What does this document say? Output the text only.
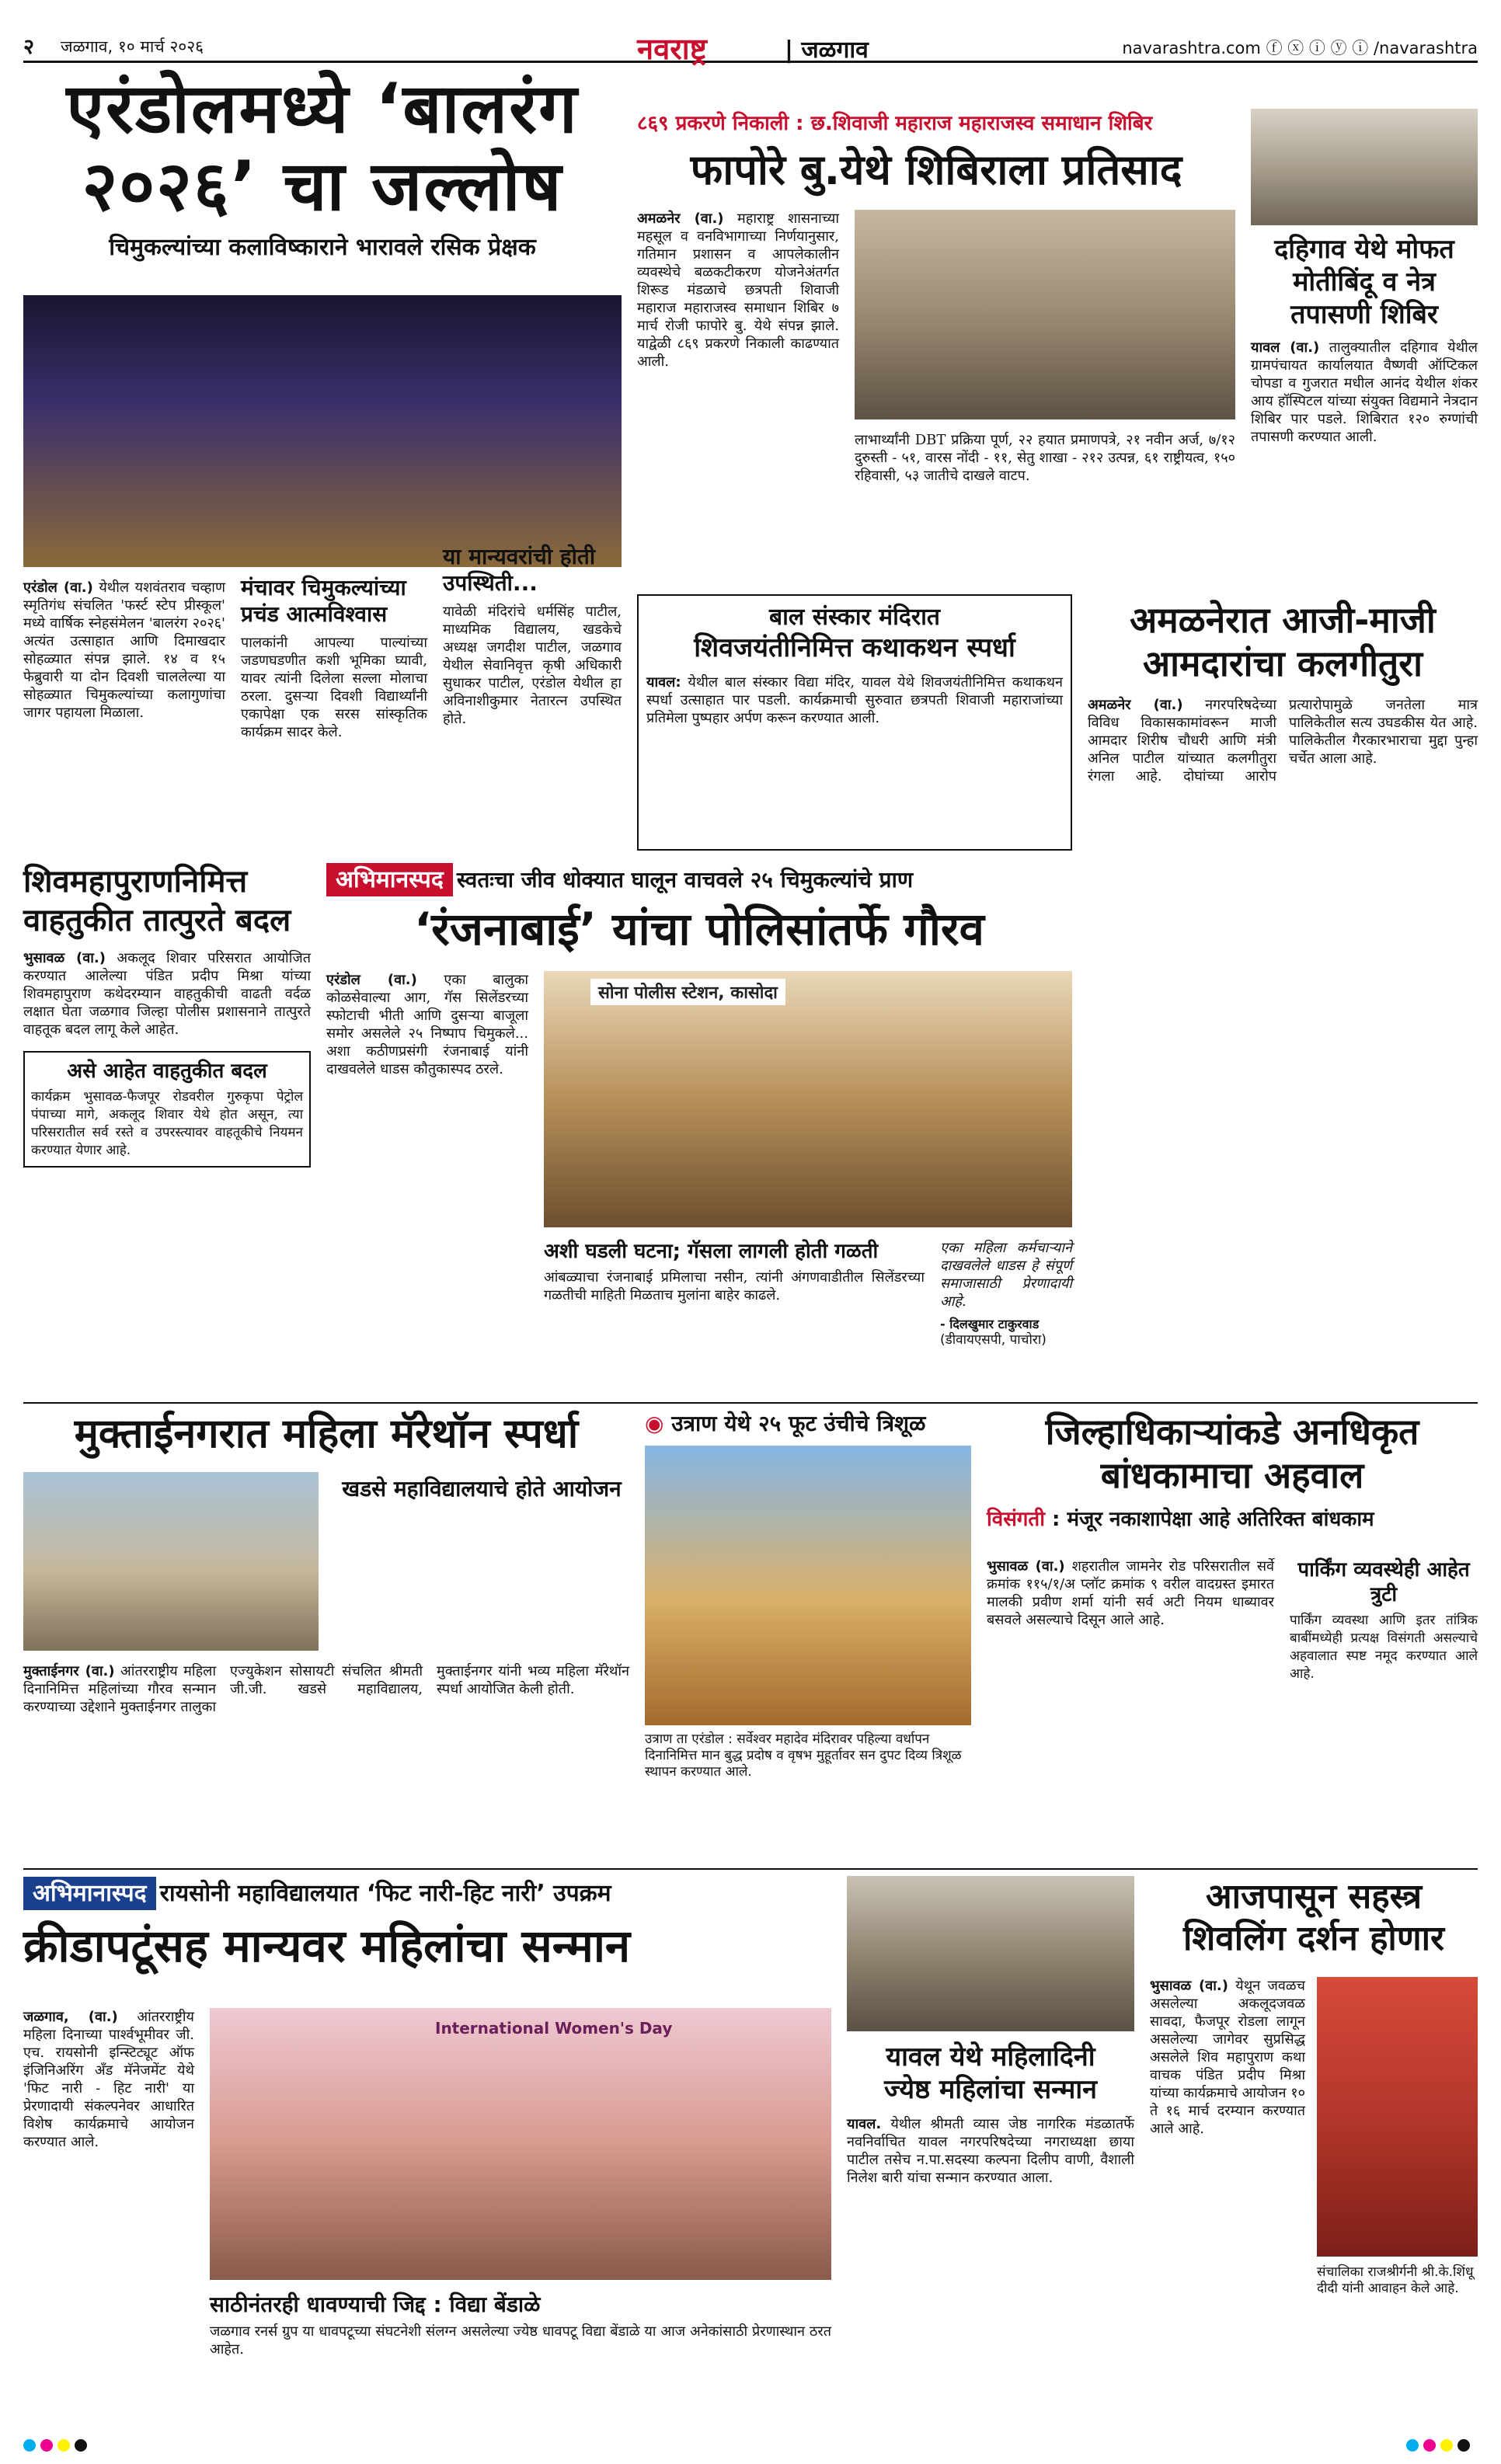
२ जळगाव, १० मार्च २०२६	नवराष्ट्र	| जळगाव	navarashtra.com ⓕ ⓧ ⓘ ⓨ ⓘ /navarashtra
एरंडोलमध्ये ‘बालरंग
२०२६’ चा जल्लोष
चिमुकल्यांच्या कलाविष्काराने भारावले रसिक प्रेक्षक
एरंडोल (वा.) येथील यशवंतराव चव्हाण स्मृतिगंध संचलित 'फर्स्ट स्टेप प्रीस्कूल' मध्ये वार्षिक स्नेहसंमेलन 'बालरंग २०२६' अत्यंत उत्साहात आणि दिमाखदार सोहळ्यात संपन्न झाले. १४ व १५ फेब्रुवारी या दोन दिवशी चाललेल्या या सोहळ्यात चिमुकल्यांच्या कलागुणांचा जागर पहायला मिळाला.
मंचावर चिमुकल्यांच्या प्रचंड आत्मविश्वास
पालकांनी आपल्या पाल्यांच्या जडणघडणीत कशी भूमिका घ्यावी, यावर त्यांनी दिलेला सल्ला मोलाचा ठरला. दुसऱ्या दिवशी विद्यार्थ्यांनी एकापेक्षा एक सरस सांस्कृतिक कार्यक्रम सादर केले.
या मान्यवरांची होती उपस्थिती...
यावेळी मंदिरांचे धर्मसिंह पाटील, माध्यमिक विद्यालय, खडकेचे अध्यक्ष जगदीश पाटील, जळगाव येथील सेवानिवृत्त कृषी अधिकारी सुधाकर पाटील, एरंडोल येथील हा अविनाशीकुमार नेतारत्न उपस्थित होते.
८६९ प्रकरणे निकाली : छ.शिवाजी महाराज महाराजस्व समाधान शिबिर
फापोरे बु.येथे शिबिराला प्रतिसाद
अमळनेर (वा.) महाराष्ट्र शासनाच्या महसूल व वनविभागाच्या निर्णयानुसार, गतिमान प्रशासन व आपलेकालीन व्यवस्थेचे बळकटीकरण योजनेअंतर्गत शिरूड मंडळाचे छत्रपती शिवाजी महाराज महाराजस्व समाधान शिबिर ७ मार्च रोजी फापोरे बु. येथे संपन्न झाले. याद्वेळी ८६९ प्रकरणे निकाली काढण्यात आली.
लाभार्थ्यांनी DBT प्रक्रिया पूर्ण, २२ हयात प्रमाणपत्रे, २१ नवीन अर्ज, ७/१२ दुरुस्ती - ५१, वारस नोंदी - ११, सेतु शाखा - २१२ उत्पन्न, ६१ राष्ट्रीयत्व, १५० रहिवासी, ५३ जातीचे दाखले वाटप.
दहिगाव येथे मोफत
मोतीबिंदू व नेत्र
तपासणी शिबिर
यावल (वा.) तालुक्यातील दहिगाव येथील ग्रामपंचायत कार्यालयात वैष्णवी ऑप्टिकल चोपडा व गुजरात मधील आनंद येथील शंकर आय हॉस्पिटल यांच्या संयुक्त विद्यमाने नेत्रदान शिबिर पार पडले. शिबिरात १२० रुग्णांची तपासणी करण्यात आली.
बाल संस्कार मंदिरात
शिवजयंतीनिमित्त कथाकथन स्पर्धा
यावल: येथील बाल संस्कार विद्या मंदिर, यावल येथे शिवजयंतीनिमित्त कथाकथन स्पर्धा उत्साहात पार पडली. कार्यक्रमाची सुरुवात छत्रपती शिवाजी महाराजांच्या प्रतिमेला पुष्पहार अर्पण करून करण्यात आली.
अमळनेरात आजी-माजी
आमदारांचा कलगीतुरा
अमळनेर (वा.) नगरपरिषदेच्या विविध विकासकामांवरून माजी आमदार शिरीष चौधरी आणि मंत्री अनिल पाटील यांच्यात कलगीतुरा रंगला आहे. दोघांच्या आरोप प्रत्यारोपामुळे जनतेला मात्र पालिकेतील सत्य उघडकीस येत आहे. पालिकेतील गैरकारभाराचा मुद्दा पुन्हा चर्चेत आला आहे.
शिवमहापुराणनिमित्त
वाहतुकीत तात्पुरते बदल
भुसावळ (वा.) अकलूद शिवार परिसरात आयोजित करण्यात आलेल्या पंडित प्रदीप मिश्रा यांच्या शिवमहापुराण कथेदरम्यान वाहतुकीची वाढती वर्दळ लक्षात घेता जळगाव जिल्हा पोलीस प्रशासनाने तात्पुरते वाहतूक बदल लागू केले आहेत.
असे आहेत वाहतुकीत बदल
कार्यक्रम भुसावळ-फैजपूर रोडवरील गुरुकृपा पेट्रोल पंपाच्या मागे, अकलूद शिवार येथे होत असून, त्या परिसरातील सर्व रस्ते व उपरस्त्यावर वाहतूकीचे नियमन करण्यात येणार आहे.
अभिमानस्पद स्वतःचा जीव धोक्यात घालून वाचवले २५ चिमुकल्यांचे प्राण
‘रंजनाबाई’ यांचा पोलिसांतर्फे गौरव
एरंडोल (वा.) एका बालुका कोळसेवाल्या आग, गॅस सिलेंडरच्या स्फोटाची भीती आणि दुसऱ्या बाजूला समोर असलेले २५ निष्पाप चिमुकले... अशा कठीणप्रसंगी रंजनाबाई यांनी दाखवलेले धाडस कौतुकास्पद ठरले.
सोना पोलीस स्टेशन, कासोदा
अशी घडली घटना; गॅसला लागली होती गळती
आंबळ्याचा रंजनाबाई प्रमिलाचा नसीन, त्यांनी अंगणवाडीतील सिलेंडरच्या गळतीची माहिती मिळताच मुलांना बाहेर काढले.
एका महिला कर्मचाऱ्याने दाखवलेले धाडस हे संपूर्ण समाजासाठी प्रेरणादायी आहे.
- दिलखुमार टाकुरवाड
(डीवायएसपी, पाचोरा)
मुक्ताईनगरात महिला मॅरेथॉन स्पर्धा
खडसे महाविद्यालयाचे होते आयोजन
मुक्ताईनगर (वा.) आंतरराष्ट्रीय महिला दिनानिमित्त महिलांच्या गौरव सन्मान करण्याच्या उद्देशाने मुक्ताईनगर तालुका एज्युकेशन सोसायटी संचलित श्रीमती जी.जी. खडसे महाविद्यालय, मुक्ताईनगर यांनी भव्य महिला मॅरेथॉन स्पर्धा आयोजित केली होती.
◉ उत्राण येथे २५ फूट उंचीचे त्रिशूळ
उत्राण ता एरंडोल : सर्वेश्वर महादेव मंदिरावर पहिल्या वर्धापन दिनानिमित्त मान बुद्ध प्रदोष व वृषभ मुहूर्तावर सन दुपट दिव्य त्रिशूळ स्थापन करण्यात आले.
जिल्हाधिकाऱ्यांकडे अनधिकृत
बांधकामाचा अहवाल
विसंगती : मंजूर नकाशापेक्षा आहे अतिरिक्त बांधकाम
भुसावळ (वा.) शहरातील जामनेर रोड परिसरातील सर्वे क्रमांक ११५/१/अ प्लॉट क्रमांक ९ वरील वादग्रस्त इमारत मालकी प्रवीण शर्मा यांनी सर्व अटी नियम धाब्यावर बसवले असल्याचे दिसून आले आहे.
पार्किंग व्यवस्थेही आहेत त्रुटी
पार्किंग व्यवस्था आणि इतर तांत्रिक बाबींमध्येही प्रत्यक्ष विसंगती असल्याचे अहवालात स्पष्ट नमूद करण्यात आले आहे.
अभिमानास्पद रायसोनी महाविद्यालयात ‘फिट नारी-हिट नारी’ उपक्रम
क्रीडापटूंसह मान्यवर महिलांचा सन्मान
जळगाव, (वा.) आंतरराष्ट्रीय महिला दिनाच्या पार्श्वभूमीवर जी. एच. रायसोनी इन्स्टिट्यूट ऑफ इंजिनिअरिंग अँड मॅनेजमेंट येथे 'फिट नारी - हिट नारी' या प्रेरणादायी संकल्पनेवर आधारित विशेष कार्यक्रमाचे आयोजन करण्यात आले.
International Women's Day
साठीनंतरही धावण्याची जिद्द : विद्या बेंडाळे
जळगाव रनर्स ग्रुप या धावपटूच्या संघटनेशी संलग्न असलेल्या ज्येष्ठ धावपटू विद्या बेंडाळे या आज अनेकांसाठी प्रेरणास्थान ठरत आहेत.
यावल येथे महिलादिनी
ज्येष्ठ महिलांचा सन्मान
यावल. येथील श्रीमती व्यास जेष्ठ नागरिक मंडळातर्फे नवनिर्वाचित यावल नगरपरिषदेच्या नगराध्यक्षा छाया पाटील तसेच न.पा.सदस्या कल्पना दिलीप वाणी, वैशाली निलेश बारी यांचा सन्मान करण्यात आला.
आजपासून सहस्त्र
शिवलिंग दर्शन होणार
भुसावळ (वा.) येथून जवळच असलेल्या अकलूदजवळ सावदा, फैजपूर रोडला लागून असलेल्या जागेवर सुप्रसिद्ध असलेले शिव महापुराण कथा वाचक पंडित प्रदीप मिश्रा यांच्या कार्यक्रमाचे आयोजन १० ते १६ मार्च दरम्यान करण्यात आले आहे.
संचालिका राजश्रीर्गनी श्री.के.शिंधू दीदी यांनी आवाहन केले आहे.
